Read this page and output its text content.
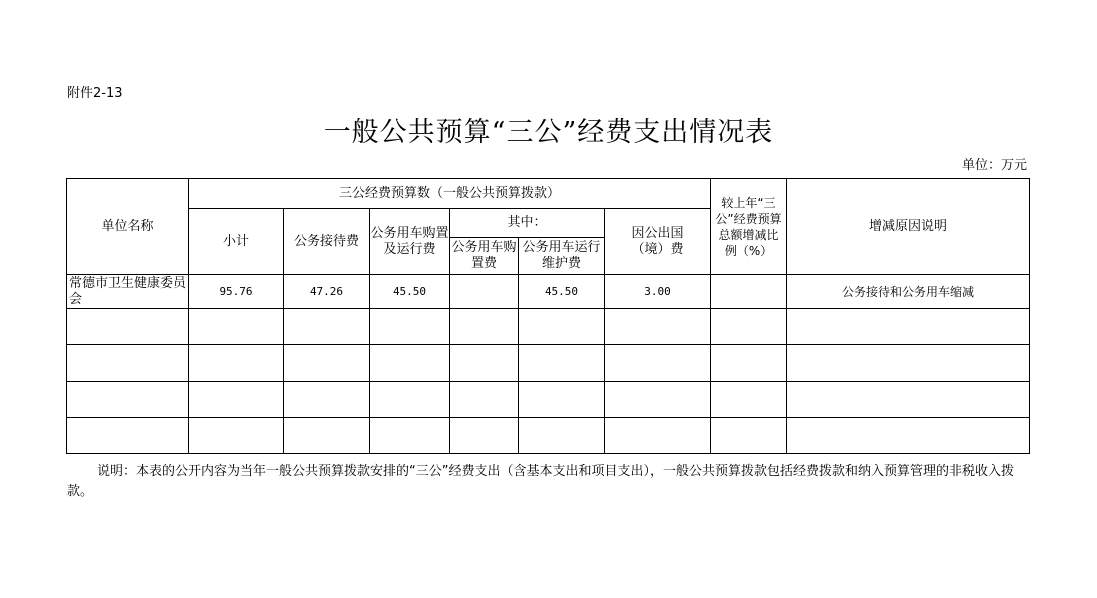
附件2-13
一般公共预算“三公”经费支出情况表
单位：万元
单位名称	三公经费预算数（一般公共预算拨款）						较上年“三公”经费预算总额增减比例（%）	增减原因说明
	小计	公务接待费	公务用车购置及运行费	其中：		因公出国（境）费		
				公务用车购置费	公务用车运行维护费			
常德市卫生健康委员会	95.76	47.26	45.50		45.50	3.00		公务接待和公务用车缩减

说明：本表的公开内容为当年一般公共预算拨款安排的“三公”经费支出（含基本支出和项目支出），一般公共预算拨款包括经费拨款和纳入预算管理的非税收入拨款。
